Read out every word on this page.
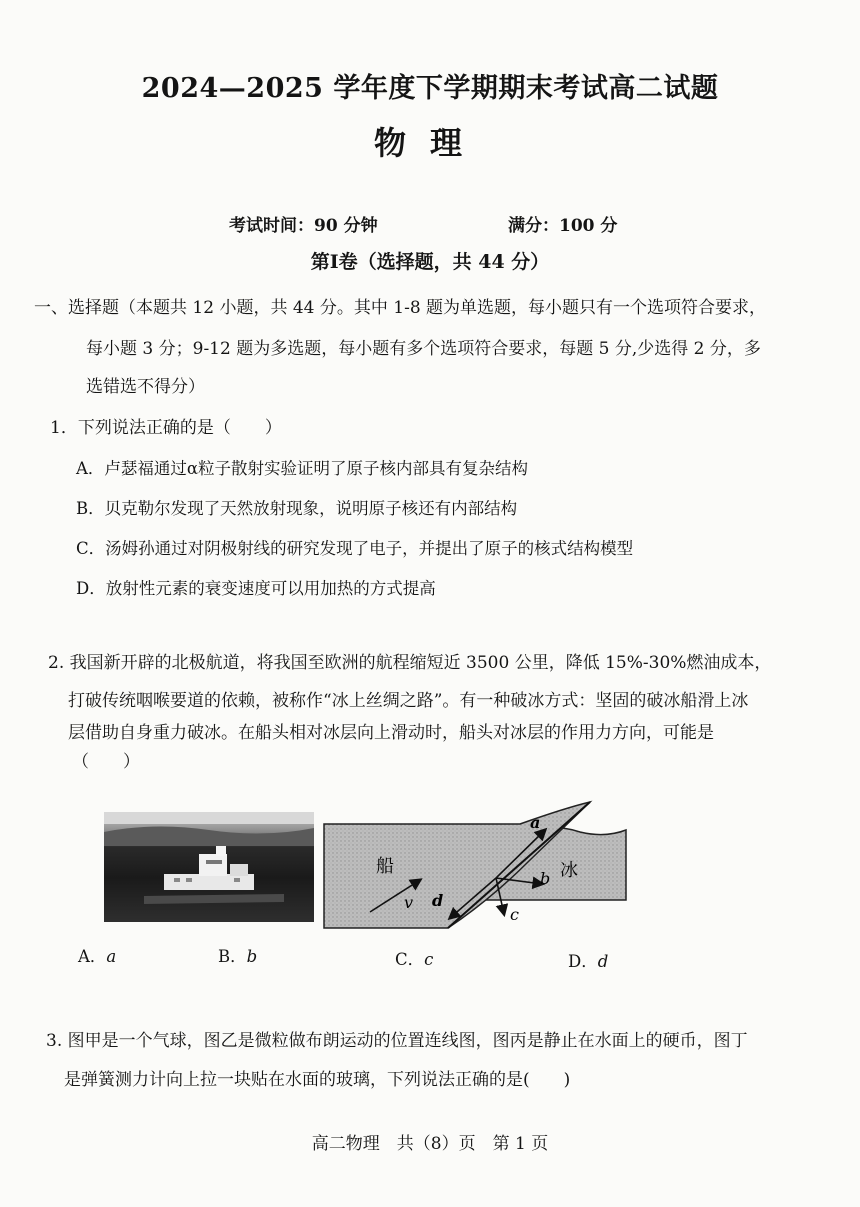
2024—2025 学年度下学期期末考试高二试题
物理
考试时间：90 分钟	满分：100 分
第Ⅰ卷（选择题，共 44 分）
一、选择题（本题共 12 小题，共 44 分。其中 1-8 题为单选题，每小题只有一个选项符合要求，
每小题 3 分；9-12 题为多选题，每小题有多个选项符合要求，每题 5 分,少选得 2 分，多
选错选不得分）
1．下列说法正确的是（　　）
A．卢瑟福通过α粒子散射实验证明了原子核内部具有复杂结构
B．贝克勒尔发现了天然放射现象，说明原子核还有内部结构
C．汤姆孙通过对阴极射线的研究发现了电子，并提出了原子的核式结构模型
D．放射性元素的衰变速度可以用加热的方式提高
2. 我国新开辟的北极航道，将我国至欧洲的航程缩短近 3500 公里，降低 15%-30%燃油成本，
打破传统咽喉要道的依赖，被称作“冰上丝绸之路”。有一种破冰方式：坚固的破冰船滑上冰
层借助自身重力破冰。在船头相对冰层向上滑动时，船头对冰层的作用力方向，可能是
（　　）
船	冰
v
a
b
c
d
A．a	B．b	C．c	D．d
3. 图甲是一个气球，图乙是微粒做布朗运动的位置连线图，图丙是静止在水面上的硬币，图丁
是弹簧测力计向上拉一块贴在水面的玻璃，下列说法正确的是(　　)
高二物理　共（8）页　第 1 页
